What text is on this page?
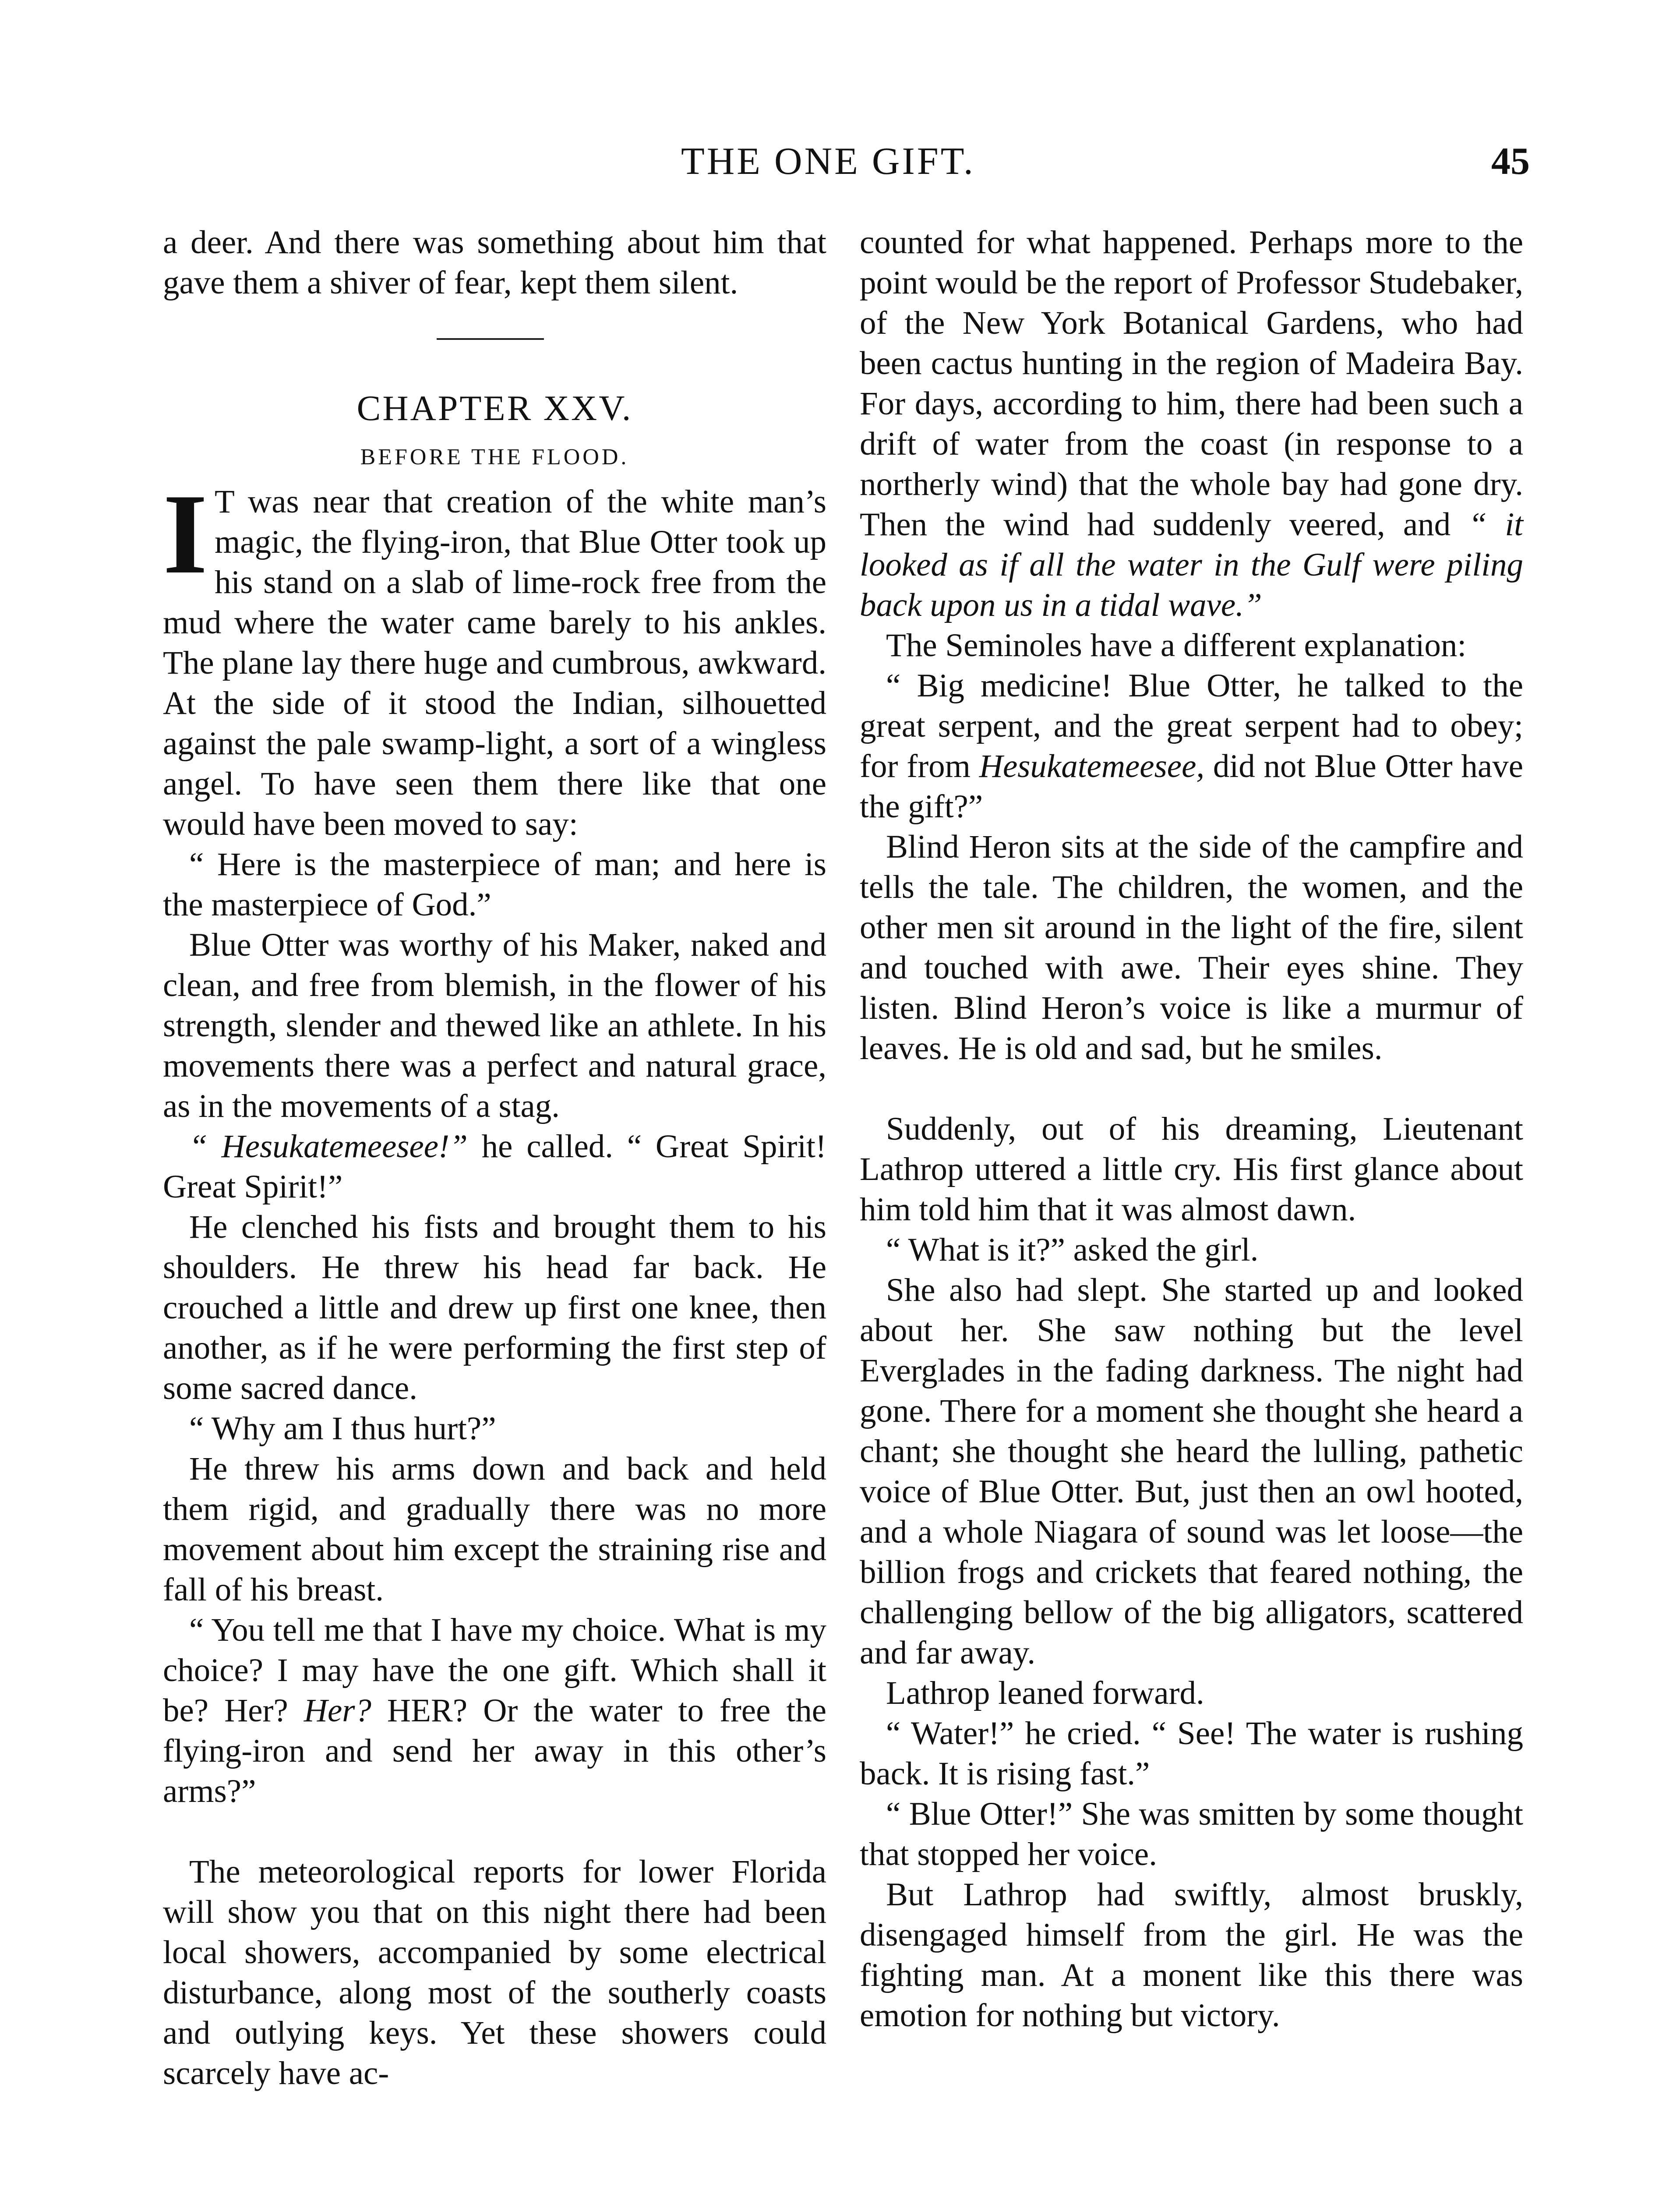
THE ONE GIFT.	45

a deer. And there was something about him that gave them a shiver of fear, kept them silent.

CHAPTER XXV.
BEFORE THE FLOOD.

I T was near that creation of the white man’s magic, the flying-iron, that Blue Otter took up his stand on a slab of lime-rock free from the mud where the water came barely to his ankles. The plane lay there huge and cumbrous, awkward. At the side of it stood the Indian, silhouetted against the pale swamp-light, a sort of a wingless angel. To have seen them there like that one would have been moved to say:

“ Here is the masterpiece of man; and here is the masterpiece of God.”

Blue Otter was worthy of his Maker, naked and clean, and free from blemish, in the flower of his strength, slender and thewed like an athlete. In his movements there was a perfect and natural grace, as in the movements of a stag.

“ Hesukatemeesee!” he called. “ Great Spirit! Great Spirit!”

He clenched his fists and brought them to his shoulders. He threw his head far back. He crouched a little and drew up first one knee, then another, as if he were performing the first step of some sacred dance.

“ Why am I thus hurt?”

He threw his arms down and back and held them rigid, and gradually there was no more movement about him except the straining rise and fall of his breast.

“ You tell me that I have my choice. What is my choice? I may have the one gift. Which shall it be? Her? Her? HER? Or the water to free the flying-iron and send her away in this other’s arms?”

The meteorological reports for lower Florida will show you that on this night there had been local showers, accompanied by some electrical disturbance, along most of the southerly coasts and outlying keys. Yet these showers could scarcely have ac-

counted for what happened. Perhaps more to the point would be the report of Professor Studebaker, of the New York Botanical Gardens, who had been cactus hunting in the region of Madeira Bay. For days, according to him, there had been such a drift of water from the coast (in response to a northerly wind) that the whole bay had gone dry. Then the wind had suddenly veered, and “ it looked as if all the water in the Gulf were piling back upon us in a tidal wave.”

The Seminoles have a different explanation:

“ Big medicine! Blue Otter, he talked to the great serpent, and the great serpent had to obey; for from Hesukatemeesee, did not Blue Otter have the gift?”

Blind Heron sits at the side of the campfire and tells the tale. The children, the women, and the other men sit around in the light of the fire, silent and touched with awe. Their eyes shine. They listen. Blind Heron’s voice is like a murmur of leaves. He is old and sad, but he smiles.

Suddenly, out of his dreaming, Lieutenant Lathrop uttered a little cry. His first glance about him told him that it was almost dawn.

“ What is it?” asked the girl.

She also had slept. She started up and looked about her. She saw nothing but the level Everglades in the fading darkness. The night had gone. There for a moment she thought she heard a chant; she thought she heard the lulling, pathetic voice of Blue Otter. But, just then an owl hooted, and a whole Niagara of sound was let loose—the billion frogs and crickets that feared nothing, the challenging bellow of the big alligators, scattered and far away.

Lathrop leaned forward.

“ Water!” he cried. “ See! The water is rushing back. It is rising fast.”

“ Blue Otter!” She was smitten by some thought that stopped her voice.

But Lathrop had swiftly, almost bruskly, disengaged himself from the girl. He was the fighting man. At a monent like this there was emotion for nothing but victory.
